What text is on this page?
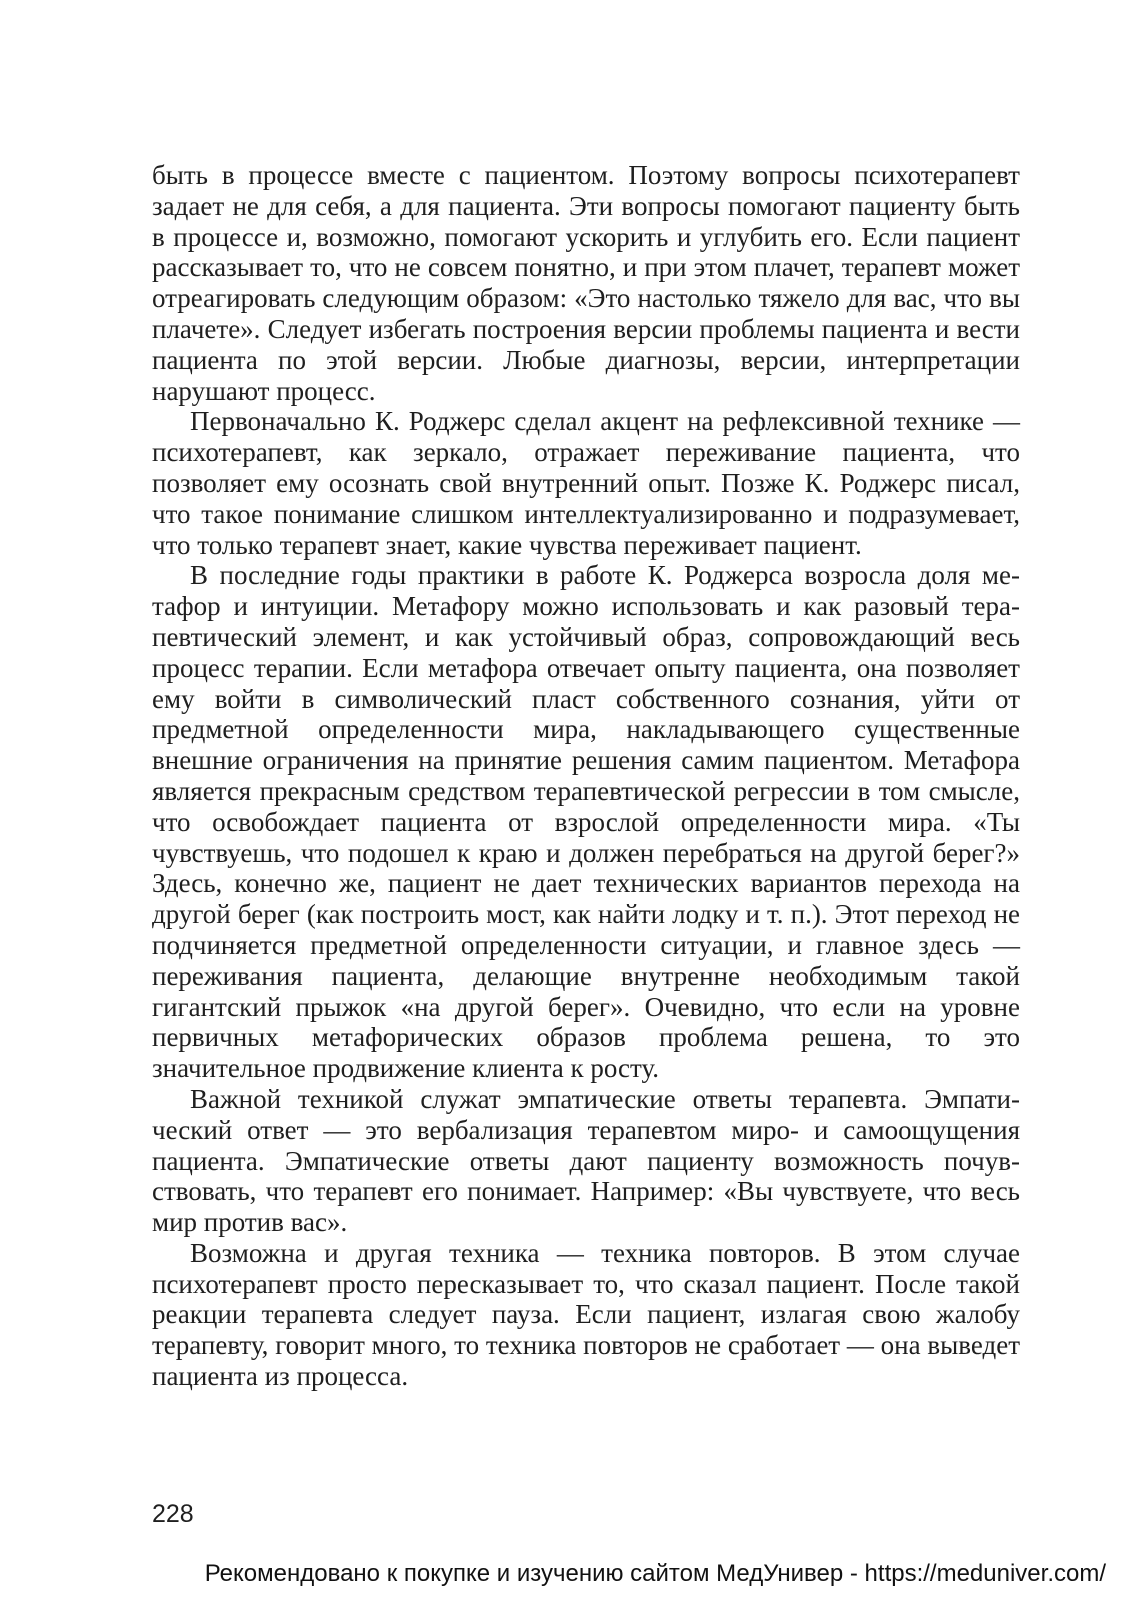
быть в процессе вместе с пациентом. Поэтому вопросы психотерапевт задает не для себя, а для пациента. Эти вопросы помогают пациенту быть в процессе и, возможно, помогают ускорить и углубить его. Если пациент рассказывает то, что не совсем понятно, и при этом плачет, терапевт может отреагировать следующим образом: «Это настолько тяжело для вас, что вы плачете». Следует избегать построения версии проблемы пациента и вести пациента по этой версии. Любые диагнозы, версии, интерпретации нарушают процесс.

Первоначально К. Роджерс сделал акцент на рефлексивной технике — психотерапевт, как зеркало, отражает переживание пациента, что позволяет ему осознать свой внутренний опыт. Позже К. Роджерс писал, что такое понимание слишком интеллектуализированно и подразумевает, что только терапевт знает, какие чувства переживает пациент.

В последние годы практики в работе К. Роджерса возросла доля метафор и интуиции. Метафору можно использовать и как разовый терапевтический элемент, и как устойчивый образ, сопровождающий весь процесс терапии. Если метафора отвечает опыту пациента, она позволяет ему войти в символический пласт собственного сознания, уйти от предметной определенности мира, накладывающего существенные внешние ограничения на принятие решения самим пациентом. Метафора является прекрасным средством терапевтической регрессии в том смысле, что освобождает пациента от взрослой определенности мира. «Ты чувствуешь, что подошел к краю и должен перебраться на другой берег?» Здесь, конечно же, пациент не дает технических вариантов перехода на другой берег (как построить мост, как найти лодку и т. п.). Этот переход не подчиняется предметной определенности ситуации, и главное здесь — переживания пациента, делающие внутренне необходимым такой гигантский прыжок «на другой берег». Очевидно, что если на уровне первичных метафорических образов проблема решена, то это значительное продвижение клиента к росту.

Важной техникой служат эмпатические ответы терапевта. Эмпатический ответ — это вербализация терапевтом миро- и самоощущения пациента. Эмпатические ответы дают пациенту возможность почувствовать, что терапевт его понимает. Например: «Вы чувствуете, что весь мир против вас».

Возможна и другая техника — техника повторов. В этом случае психотерапевт просто пересказывает то, что сказал пациент. После такой реакции терапевта следует пауза. Если пациент, излагая свою жалобу терапевту, говорит много, то техника повторов не сработает — она выведет пациента из процесса.

228
Рекомендовано к покупке и изучению сайтом МедУнивер - https://meduniver.com/
